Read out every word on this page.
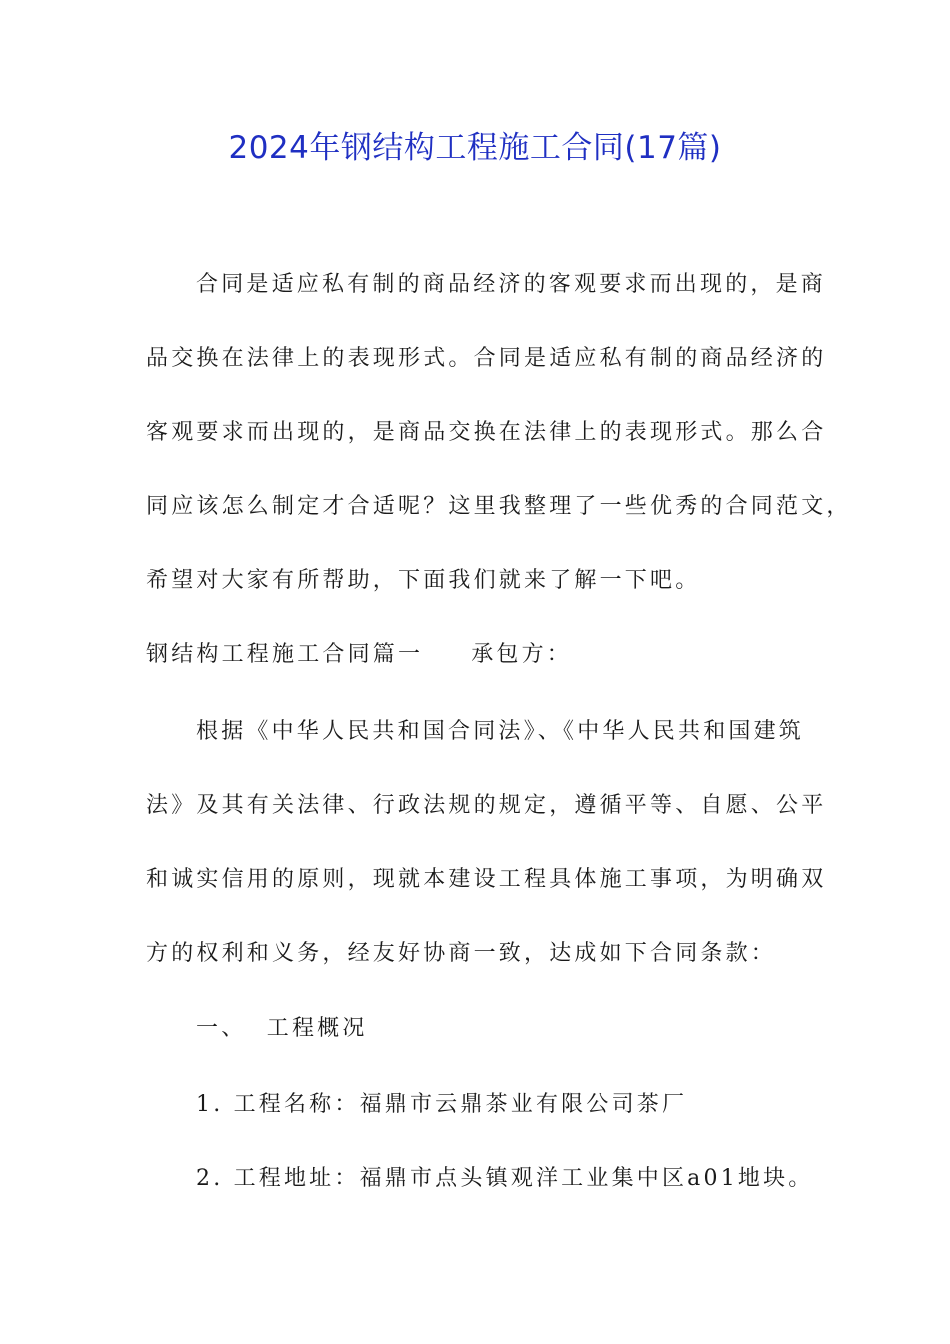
2024年钢结构工程施工合同(17篇)
合同是适应私有制的商品经济的客观要求而出现的，是商
品交换在法律上的表现形式。合同是适应私有制的商品经济的
客观要求而出现的，是商品交换在法律上的表现形式。那么合
同应该怎么制定才合适呢？这里我整理了一些优秀的合同范文，
希望对大家有所帮助，下面我们就来了解一下吧。
钢结构工程施工合同篇一 承包方：
根据《中华人民共和国合同法》、《中华人民共和国建筑
法》及其有关法律、行政法规的规定，遵循平等、自愿、公平
和诚实信用的原则，现就本建设工程具体施工事项，为明确双
方的权利和义务，经友好协商一致，达成如下合同条款：
一、  工程概况
1. 工程名称：福鼎市云鼎茶业有限公司茶厂
2. 工程地址：福鼎市点头镇观洋工业集中区a01地块。
